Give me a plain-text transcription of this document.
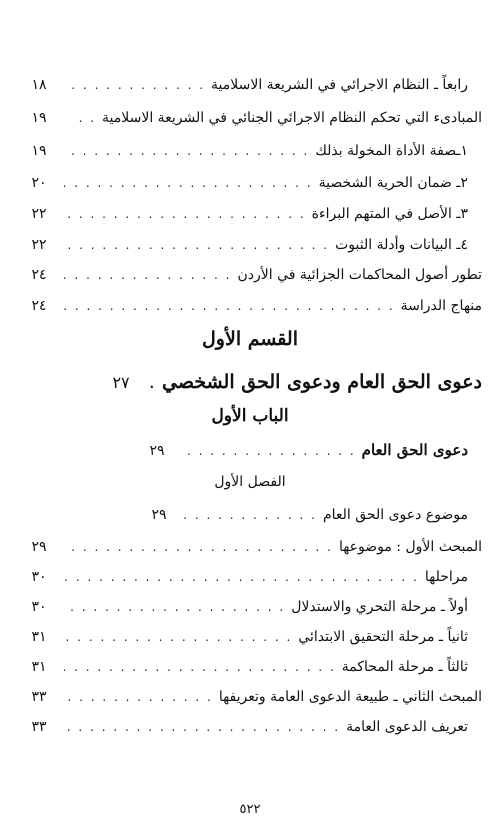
رابعاً ـ النظام الاجرائي في الشريعة الاسلامية
. . .
١٨
المبادىء التي تحكم النظام الاجرائي الجنائي في الشريعة الاسلامية
. .
١٩
١ـصفة الأداة المخولة بذلك
. . .
١٩
٢ـ ضمان الحرية الشخصية
. . .
٢٠
٣ـ الأصل في المتهم البراءة
. . .
٢٢
٤ـ البيانات وأدلة الثبوت
. . .
٢٢
تطور أصول المحاكمات الجزائية في الأردن
. . .
٢٤
منهاج الدراسة
. . .
٢٤
القسم الأول
دعوى الحق العام ودعوى الحق الشخصي
. . .
٢٧
الباب الأول
دعوى الحق العام
. . .
٢٩
الفصل الأول
موضوع دعوى الحق العام
. . .
٢٩
المبحث الأول : موضوعها
. . .
٢٩
مراحلها
. . .
٣٠
أولاً ـ مرحلة التحري والاستدلال
. . .
٣٠
ثانياً ـ مرحلة التحقيق الابتدائي
. . .
٣١
ثالثاً ـ مرحلة المحاكمة
. . .
٣١
المبحث الثاني ـ طبيعة الدعوى العامة وتعريفها
. . .
٣٣
تعريف الدعوى العامة
. . .
٣٣
٥٢٢
